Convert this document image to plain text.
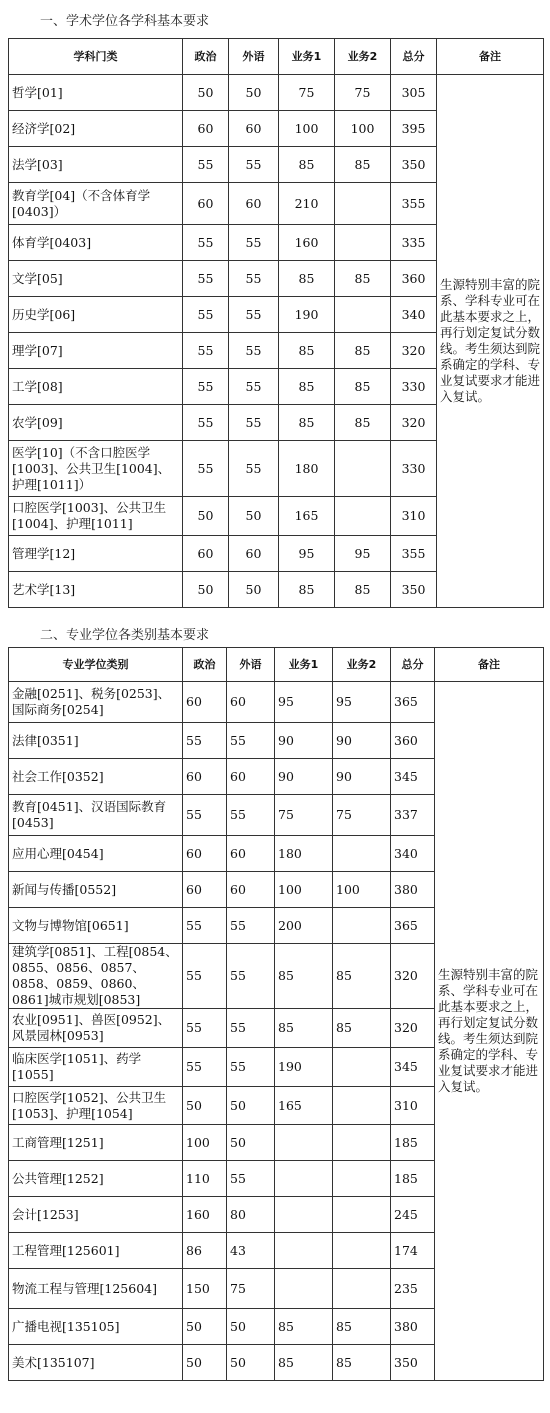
一、学术学位各学科基本要求
学科门类	政治	外语	业务1	业务2	总分	备注
哲学[01]	50	50	75	75	305	生源特别丰富的院系、学科专业可在此基本要求之上，再行划定复试分数线。考生须达到院系确定的学科、专业复试要求才能进入复试。
经济学[02]	60	60	100	100	395	
法学[03]	55	55	85	85	350	
教育学[04]（不含体育学[0403]）	60	60	210		355	
体育学[0403]	55	55	160		335	
文学[05]	55	55	85	85	360	
历史学[06]	55	55	190		340	
理学[07]	55	55	85	85	320	
工学[08]	55	55	85	85	330	
农学[09]	55	55	85	85	320	
医学[10]（不含口腔医学[1003]、公共卫生[1004]、护理[1011]）	55	55	180		330	
口腔医学[1003]、公共卫生[1004]、护理[1011]	50	50	165		310	
管理学[12]	60	60	95	95	355	
艺术学[13]	50	50	85	85	350	
二、专业学位各类别基本要求
专业学位类别	政治	外语	业务1	业务2	总分	备注
金融[0251]、税务[0253]、国际商务[0254]	60	60	95	95	365	生源特别丰富的院系、学科专业可在此基本要求之上，再行划定复试分数线。考生须达到院系确定的学科、专业复试要求才能进入复试。
法律[0351]	55	55	90	90	360	
社会工作[0352]	60	60	90	90	345	
教育[0451]、汉语国际教育[0453]	55	55	75	75	337	
应用心理[0454]	60	60	180		340	
新闻与传播[0552]	60	60	100	100	380	
文物与博物馆[0651]	55	55	200		365	
建筑学[0851]、工程[0854、0855、0856、0857、0858、0859、0860、0861]城市规划[0853]	55	55	85	85	320	
农业[0951]、兽医[0952]、风景园林[0953]	55	55	85	85	320	
临床医学[1051]、药学[1055]	55	55	190		345	
口腔医学[1052]、公共卫生[1053]、护理[1054]	50	50	165		310	
工商管理[1251]	100	50			185	
公共管理[1252]	110	55			185	
会计[1253]	160	80			245	
工程管理[125601]	86	43			174	
物流工程与管理[125604]	150	75			235	
广播电视[135105]	50	50	85	85	380	
美术[135107]	50	50	85	85	350	
